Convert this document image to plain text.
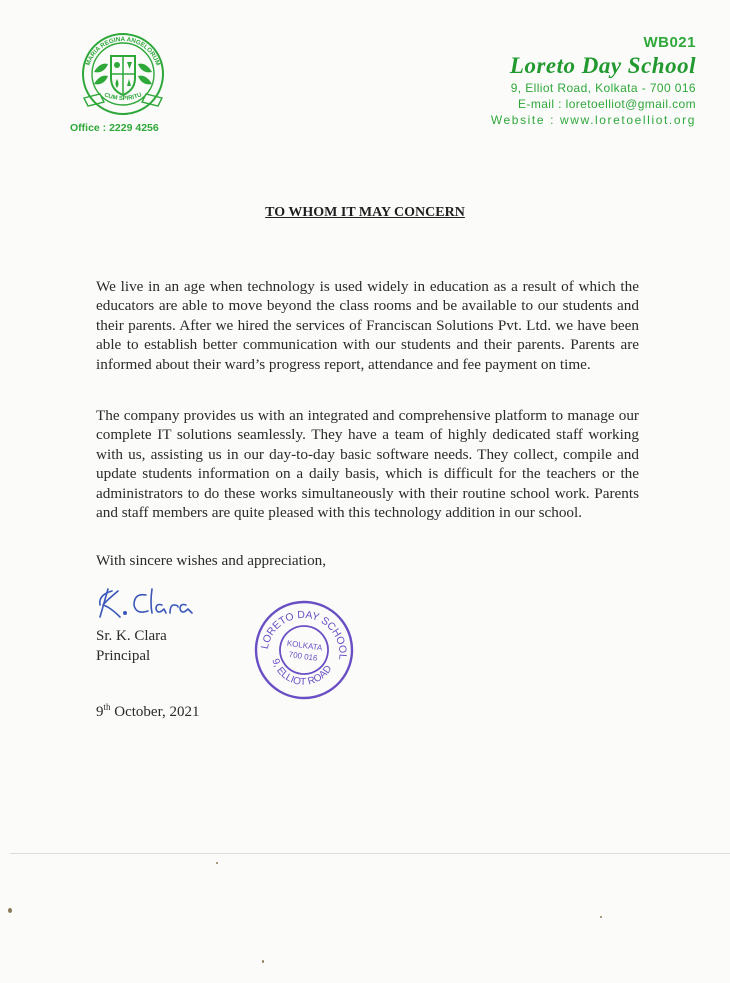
MARIA REGINA ANGELORUM
CUM SPIRITU
Office : 2229 4256
WB021
Loreto Day School
9, Elliot Road, Kolkata - 700 016
E-mail : loretoelliot@gmail.com
Website : www.loretoelliot.org
TO WHOM IT MAY CONCERN

We live in an age when technology is used widely in education as a result of which the educators are able to move beyond the class rooms and be available to our students and their parents. After we hired the services of Franciscan Solutions Pvt. Ltd. we have been able to establish better communication with our students and their parents. Parents are informed about their ward’s progress report, attendance and fee payment on time.

The company provides us with an integrated and comprehensive platform to manage our complete IT solutions seamlessly. They have a team of highly dedicated staff working with us, assisting us in our day-to-day basic software needs. They collect, compile and update students information on a daily basis, which is difficult for the teachers or the administrators to do these works simultaneously with their routine school work. Parents and staff members are quite pleased with this technology addition in our school.

With sincere wishes and appreciation,

Sr. K. Clara
Principal
LORETO DAY SCHOOL
9, ELLIOT ROAD
KOLKATA
700 016
9th October, 2021
